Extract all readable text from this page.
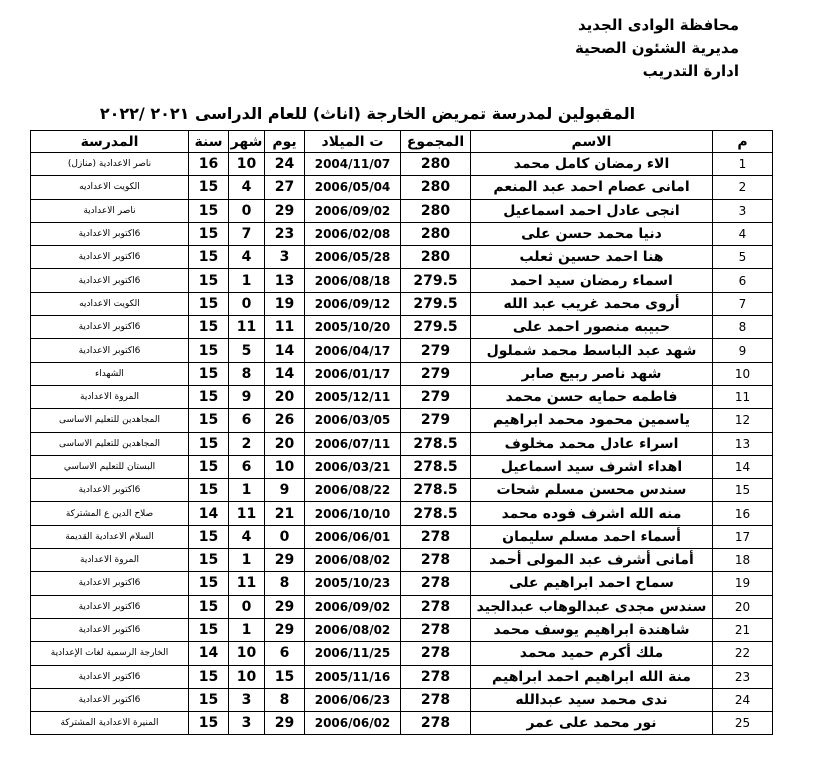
محافظة الوادى الجديد
مديرية الشئون الصحية
ادارة التدريب
المقبولين لمدرسة تمريض الخارجة (اناث) للعام الدراسى ٢٠٢١ /٢٠٢٢
م	الاسم	المجموع	ت الميلاد	يوم	شهر	سنة	المدرسة
1	الاء رمضان كامل محمد	280	2004/11/07	24	10	16	ناصر الاعدادية (منازل)
2	امانى عصام احمد عبد المنعم	280	2006/05/04	27	4	15	الكويت الاعداديه
3	انجى عادل احمد اسماعيل	280	2006/09/02	29	0	15	ناصر الاعدادية
4	دنيا محمد حسن على	280	2006/02/08	23	7	15	6اكتوبر الاعدادية
5	هنا احمد حسين ثعلب	280	2006/05/28	3	4	15	6اكتوبر الاعدادية
6	اسماء رمضان سيد احمد	279.5	2006/08/18	13	1	15	6اكتوبر الاعدادية
7	أروى محمد غريب عبد الله	279.5	2006/09/12	19	0	15	الكويت الاعداديه
8	حبيبه منصور احمد على	279.5	2005/10/20	11	11	15	6اكتوبر الاعدادية
9	شهد عبد الباسط محمد شملول	279	2006/04/17	14	5	15	6اكتوبر الاعدادية
10	شهد ناصر ربيع صابر	279	2006/01/17	14	8	15	الشهداء
11	فاطمه حمايه حسن محمد	279	2005/12/11	20	9	15	المروة الاعدادية
12	ياسمين محمود محمد ابراهيم	279	2006/03/05	26	6	15	المجاهدين للتعليم الاساسى
13	اسراء عادل محمد مخلوف	278.5	2006/07/11	20	2	15	المجاهدين للتعليم الاساسى
14	اهداء اشرف سيد اسماعيل	278.5	2006/03/21	10	6	15	البستان للتعليم الاساسي
15	سندس محسن مسلم شحات	278.5	2006/08/22	9	1	15	6اكتوبر الاعدادية
16	منه الله اشرف فوده محمد	278.5	2006/10/10	21	11	14	صلاح الدين ع المشتركة
17	أسماء احمد مسلم سليمان	278	2006/06/01	0	4	15	السلام الاعدادية القديمة
18	أمانى أشرف عبد المولى أحمد	278	2006/08/02	29	1	15	المروة الاعدادية
19	سماح احمد ابراهيم على	278	2005/10/23	8	11	15	6اكتوبر الاعدادية
20	سندس مجدى عبدالوهاب عبدالجيد	278	2006/09/02	29	0	15	6اكتوبر الاعدادية
21	شاهندة ابراهيم يوسف محمد	278	2006/08/02	29	1	15	6اكتوبر الاعدادية
22	ملك أكرم حميد محمد	278	2006/11/25	6	10	14	الخارجة الرسمية لغات الإعدادية
23	منة الله ابراهيم احمد ابراهيم	278	2005/11/16	15	10	15	6اكتوبر الاعدادية
24	ندى محمد سيد عبدالله	278	2006/06/23	8	3	15	6اكتوبر الاعدادية
25	نور محمد على عمر	278	2006/06/02	29	3	15	المنيرة الاعدادية المشتركة
